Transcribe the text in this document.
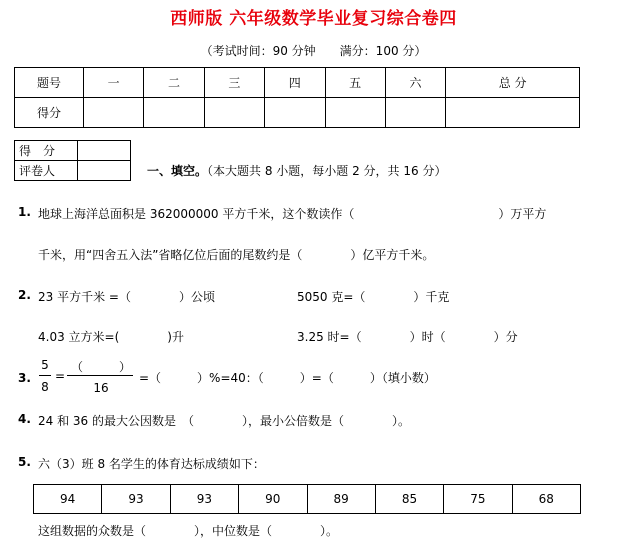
西师版 六年级数学毕业复习综合卷四
（考试时间：90 分钟　　满分：100 分）
题号	一	二	三	四	五	六	总 分
得分							
得　分	
评卷人		一、填空。（本大题共 8 小题，每小题 2 分，共 16 分）
1. 地球上海洋总面积是 362000000 平方千米，这个数读作（　　　　　　　　　　　　）万平方
千米，用“四舍五入法”省略亿位后面的尾数约是（　　　　）亿平方千米。
2. 23 平方千米 =（　　　　）公顷	5050 克=（　　　　）千克
4.03 立方米=(　　　　)升	3.25 时=（　　　　）时（　　　　）分
3.
5
8
=
（　　　）
16
=（　　　）%=40：（　　　）=（　　　）（填小数）
4. 24 和 36 的最大公因数是　（　　　　），最小公倍数是（　　　　）。
5. 六（3）班 8 名学生的体育达标成绩如下：
94	93	93	90	89	85	75	68
这组数据的众数是（　　　　），中位数是（　　　　）。
